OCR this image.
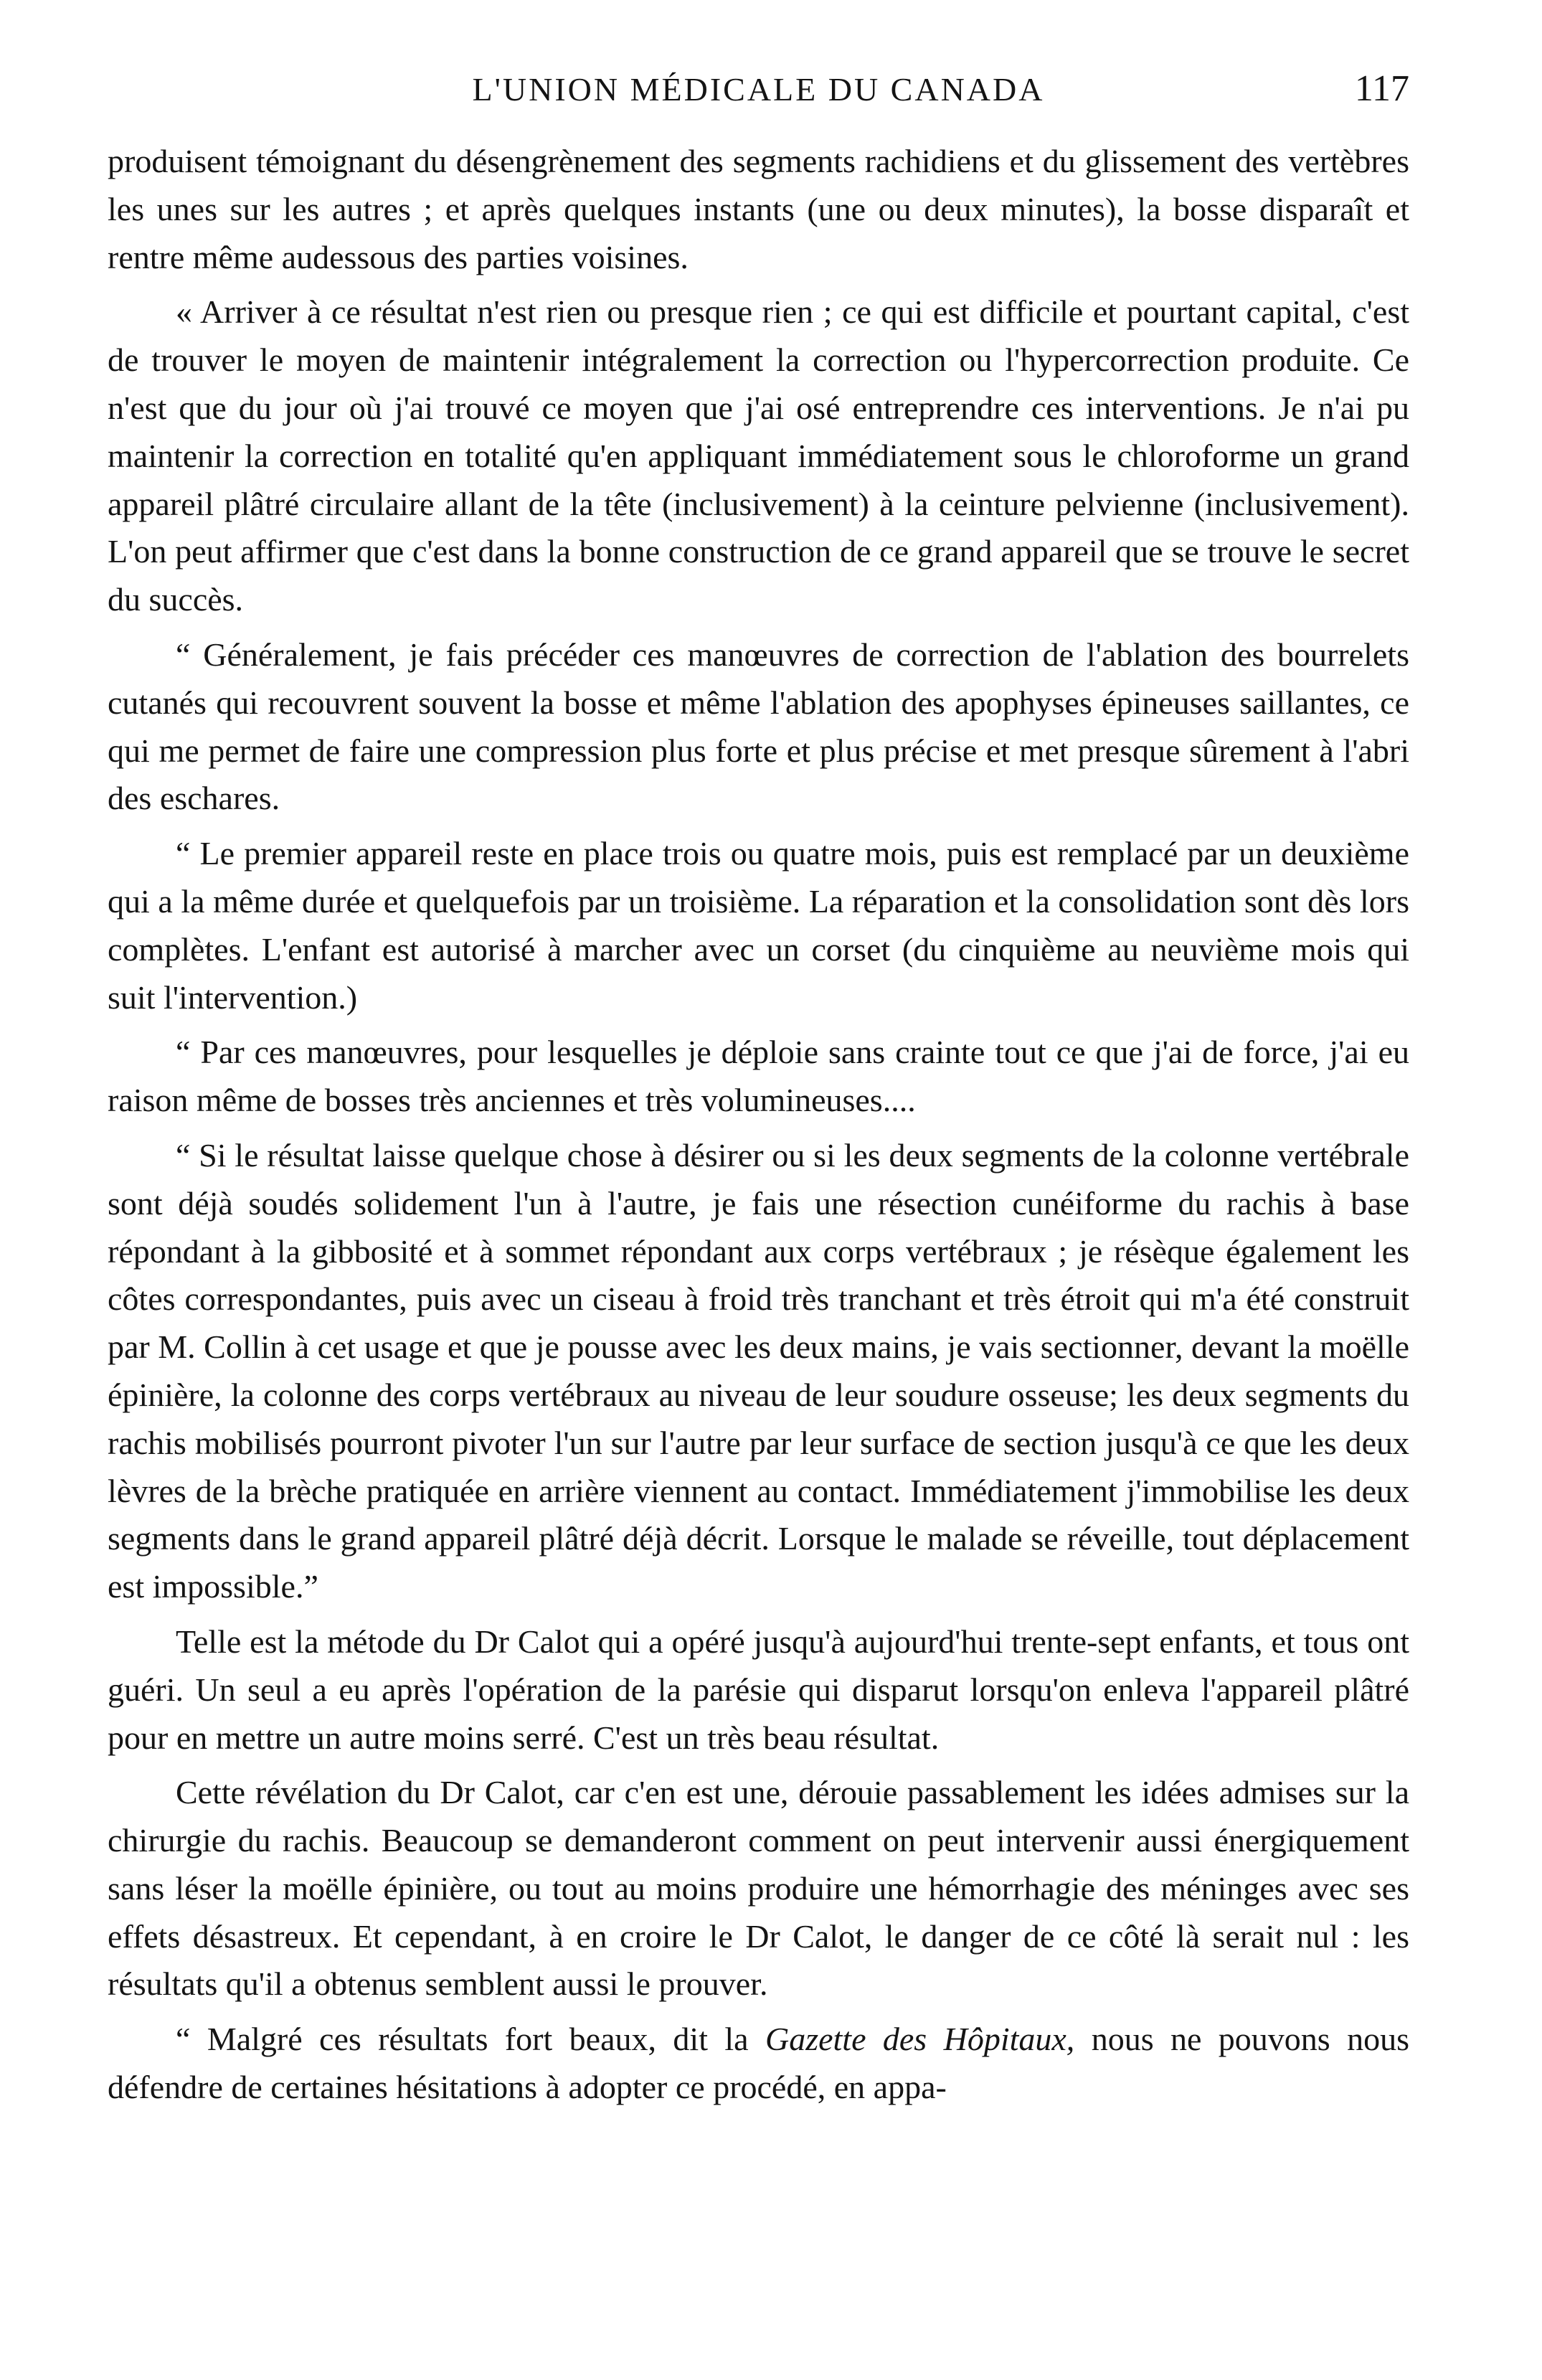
L'UNION MÉDICALE DU CANADA	117

produisent témoignant du désengrènement des segments rachidiens et du glissement des vertèbres les unes sur les autres ; et après quelques instants (une ou deux minutes), la bosse disparaît et rentre même audessous des parties voisines.

« Arriver à ce résultat n'est rien ou presque rien ; ce qui est difficile et pourtant capital, c'est de trouver le moyen de maintenir intégralement la correction ou l'hypercorrection produite. Ce n'est que du jour où j'ai trouvé ce moyen que j'ai osé entreprendre ces interventions. Je n'ai pu maintenir la correction en totalité qu'en appliquant immédiatement sous le chloroforme un grand appareil plâtré circulaire allant de la tête (inclusivement) à la ceinture pelvienne (inclusivement). L'on peut affirmer que c'est dans la bonne construction de ce grand appareil que se trouve le secret du succès.

“ Généralement, je fais précéder ces manœuvres de correction de l'ablation des bourrelets cutanés qui recouvrent souvent la bosse et même l'ablation des apophyses épineuses saillantes, ce qui me permet de faire une compression plus forte et plus précise et met presque sûrement à l'abri des eschares.

“ Le premier appareil reste en place trois ou quatre mois, puis est remplacé par un deuxième qui a la même durée et quelquefois par un troisième. La réparation et la consolidation sont dès lors complètes. L'enfant est autorisé à marcher avec un corset (du cinquième au neuvième mois qui suit l'intervention.)

“ Par ces manœuvres, pour lesquelles je déploie sans crainte tout ce que j'ai de force, j'ai eu raison même de bosses très anciennes et très volumineuses....

“ Si le résultat laisse quelque chose à désirer ou si les deux segments de la colonne vertébrale sont déjà soudés solidement l'un à l'autre, je fais une résection cunéiforme du rachis à base répondant à la gibbosité et à sommet répondant aux corps vertébraux ; je résèque également les côtes correspondantes, puis avec un ciseau à froid très tranchant et très étroit qui m'a été construit par M. Collin à cet usage et que je pousse avec les deux mains, je vais sectionner, devant la moëlle épinière, la colonne des corps vertébraux au niveau de leur soudure osseuse; les deux segments du rachis mobilisés pourront pivoter l'un sur l'autre par leur surface de section jusqu'à ce que les deux lèvres de la brèche pratiquée en arrière viennent au contact. Immédiatement j'immobilise les deux segments dans le grand appareil plâtré déjà décrit. Lorsque le malade se réveille, tout déplacement est impossible.”

Telle est la métode du Dr Calot qui a opéré jusqu'à aujourd'hui trente-sept enfants, et tous ont guéri. Un seul a eu après l'opération de la parésie qui disparut lorsqu'on enleva l'appareil plâtré pour en mettre un autre moins serré. C'est un très beau résultat.

Cette révélation du Dr Calot, car c'en est une, dérouie passablement les idées admises sur la chirurgie du rachis. Beaucoup se demanderont comment on peut intervenir aussi énergiquement sans léser la moëlle épinière, ou tout au moins produire une hémorrhagie des méninges avec ses effets désastreux. Et cependant, à en croire le Dr Calot, le danger de ce côté là serait nul : les résultats qu'il a obtenus semblent aussi le prouver.

“ Malgré ces résultats fort beaux, dit la Gazette des Hôpitaux, nous ne pouvons nous défendre de certaines hésitations à adopter ce procédé, en appa-
